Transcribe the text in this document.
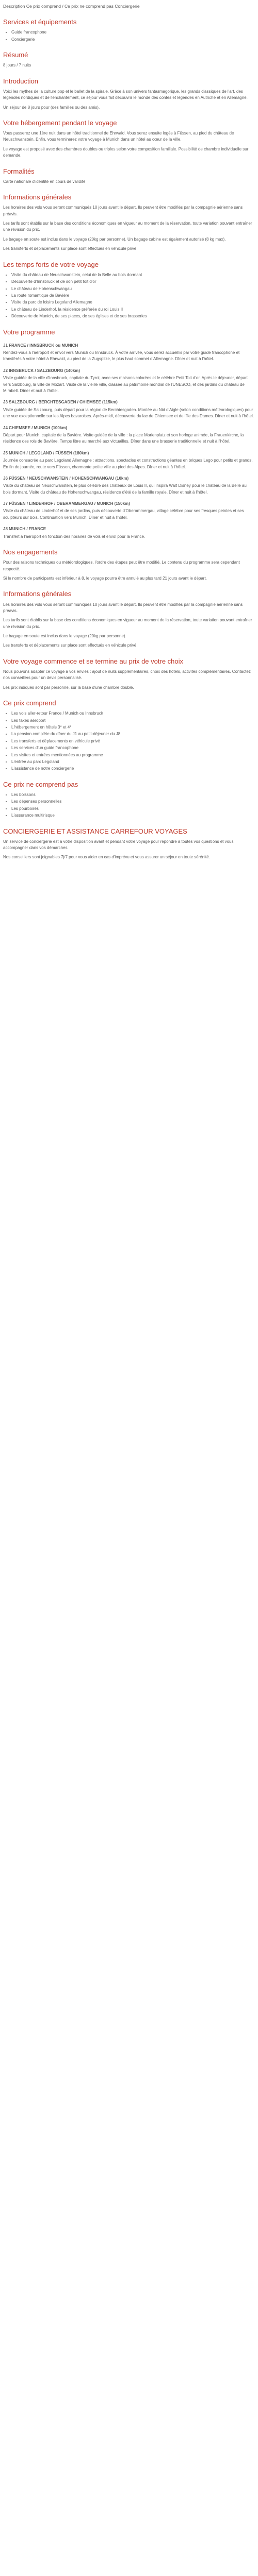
Description Ce prix comprend / Ce prix ne comprend pas Conciergerie

Services et équipements
• Guide francophone
• Conciergerie
Résumé

8 jours / 7 nuits

Introduction

Voici les mythes de la culture pop et le ballet de la spirale. Grâce à son univers fantasmagorique, les grands classiques de l'art, des légendes nordiques et de l'enchantement, ce séjour vous fait découvrir le monde des contes et légendes en Autriche et en Allemagne.

Un séjour de 8 jours pour (des familles ou des amis).

Votre hébergement pendant le voyage

Vous passerez une 1ère nuit dans un hôtel traditionnel de Ehrwald. Vous serez ensuite logés à Füssen, au pied du château de Neuschwanstein. Enfin, vous terminerez votre voyage à Munich dans un hôtel au cœur de la ville.

Le voyage est proposé avec des chambres doubles ou triples selon votre composition familiale. Possibilité de chambre individuelle sur demande.

Formalités

Carte nationale d'identité en cours de validité

Informations générales

Les horaires des vols vous seront communiqués 10 jours avant le départ. Ils peuvent être modifiés par la compagnie aérienne sans préavis.

Les tarifs sont établis sur la base des conditions économiques en vigueur au moment de la réservation, toute variation pouvant entraîner une révision du prix.

Le bagage en soute est inclus dans le voyage (20kg par personne). Un bagage cabine est également autorisé (8 kg max).

Les transferts et déplacements sur place sont effectués en véhicule privé.

Les temps forts de votre voyage
• Visite du château de Neuschwanstein, celui de la Belle au bois dormant
• Découverte d'Innsbruck et de son petit toit d'or
• Le château de Hohenschwangau
• La route romantique de Bavière
• Visite du parc de loisirs Legoland Allemagne
• Le château de Linderhof, la résidence préférée du roi Louis II
• Découverte de Munich, de ses places, de ses églises et de ses brasseries
Votre programme
J1 FRANCE / INNSBRUCK ou MUNICH

Rendez-vous à l'aéroport et envol vers Munich ou Innsbruck. À votre arrivée, vous serez accueillis par votre guide francophone et transférés à votre hôtel à Ehrwald, au pied de la Zugspitze, le plus haut sommet d'Allemagne. Dîner et nuit à l'hôtel.

J2 INNSBRUCK / SALZBOURG (140km)

Visite guidée de la ville d'Innsbruck, capitale du Tyrol, avec ses maisons colorées et le célèbre Petit Toit d'or. Après le déjeuner, départ vers Salzbourg, la ville de Mozart. Visite de la vieille ville, classée au patrimoine mondial de l'UNESCO, et des jardins du château de Mirabell. Dîner et nuit à l'hôtel.

J3 SALZBOURG / BERCHTESGADEN / CHIEMSEE (115km)

Visite guidée de Salzbourg, puis départ pour la région de Berchtesgaden. Montée au Nid d'Aigle (selon conditions météorologiques) pour une vue exceptionnelle sur les Alpes bavaroises. Après-midi, découverte du lac de Chiemsee et de l'île des Dames. Dîner et nuit à l'hôtel.

J4 CHIEMSEE / MUNICH (100km)

Départ pour Munich, capitale de la Bavière. Visite guidée de la ville : la place Marienplatz et son horloge animée, la Frauenkirche, la résidence des rois de Bavière. Temps libre au marché aux victuailles. Dîner dans une brasserie traditionnelle et nuit à l'hôtel.

J5 MUNICH / LEGOLAND / FÜSSEN (180km)

Journée consacrée au parc Legoland Allemagne : attractions, spectacles et constructions géantes en briques Lego pour petits et grands. En fin de journée, route vers Füssen, charmante petite ville au pied des Alpes. Dîner et nuit à l'hôtel.

J6 FÜSSEN / NEUSCHWANSTEIN / HOHENSCHWANGAU (10km)

Visite du château de Neuschwanstein, le plus célèbre des châteaux de Louis II, qui inspira Walt Disney pour le château de la Belle au bois dormant. Visite du château de Hohenschwangau, résidence d'été de la famille royale. Dîner et nuit à l'hôtel.

J7 FÜSSEN / LINDERHOF / OBERAMMERGAU / MUNICH (150km)

Visite du château de Linderhof et de ses jardins, puis découverte d'Oberammergau, village célèbre pour ses fresques peintes et ses sculpteurs sur bois. Continuation vers Munich. Dîner et nuit à l'hôtel.

J8 MUNICH / FRANCE

Transfert à l'aéroport en fonction des horaires de vols et envol pour la France.

Nos engagements

Pour des raisons techniques ou météorologiques, l'ordre des étapes peut être modifié. Le contenu du programme sera cependant respecté.

Si le nombre de participants est inférieur à 8, le voyage pourra être annulé au plus tard 21 jours avant le départ.

Informations générales

Les horaires des vols vous seront communiqués 10 jours avant le départ. Ils peuvent être modifiés par la compagnie aérienne sans préavis.

Les tarifs sont établis sur la base des conditions économiques en vigueur au moment de la réservation, toute variation pouvant entraîner une révision du prix.

Le bagage en soute est inclus dans le voyage (20kg par personne).

Les transferts et déplacements sur place sont effectués en véhicule privé.

Votre voyage commence et se termine au prix de votre choix

Nous pouvons adapter ce voyage à vos envies : ajout de nuits supplémentaires, choix des hôtels, activités complémentaires. Contactez nos conseillers pour un devis personnalisé.

Les prix indiqués sont par personne, sur la base d'une chambre double.

Ce prix comprend
• Les vols aller-retour France / Munich ou Innsbruck
• Les taxes aéroport
• L'hébergement en hôtels 3* et 4*
• La pension complète du dîner du J1 au petit-déjeuner du J8
• Les transferts et déplacements en véhicule privé
• Les services d'un guide francophone
• Les visites et entrées mentionnées au programme
• L'entrée au parc Legoland
• L'assistance de notre conciergerie
Ce prix ne comprend pas
• Les boissons
• Les dépenses personnelles
• Les pourboires
• L'assurance multirisque
CONCIERGERIE ET ASSISTANCE CARREFOUR VOYAGES

Un service de conciergerie est à votre disposition avant et pendant votre voyage pour répondre à toutes vos questions et vous accompagner dans vos démarches.

Nos conseillers sont joignables 7j/7 pour vous aider en cas d'imprévu et vous assurer un séjour en toute sérénité.
